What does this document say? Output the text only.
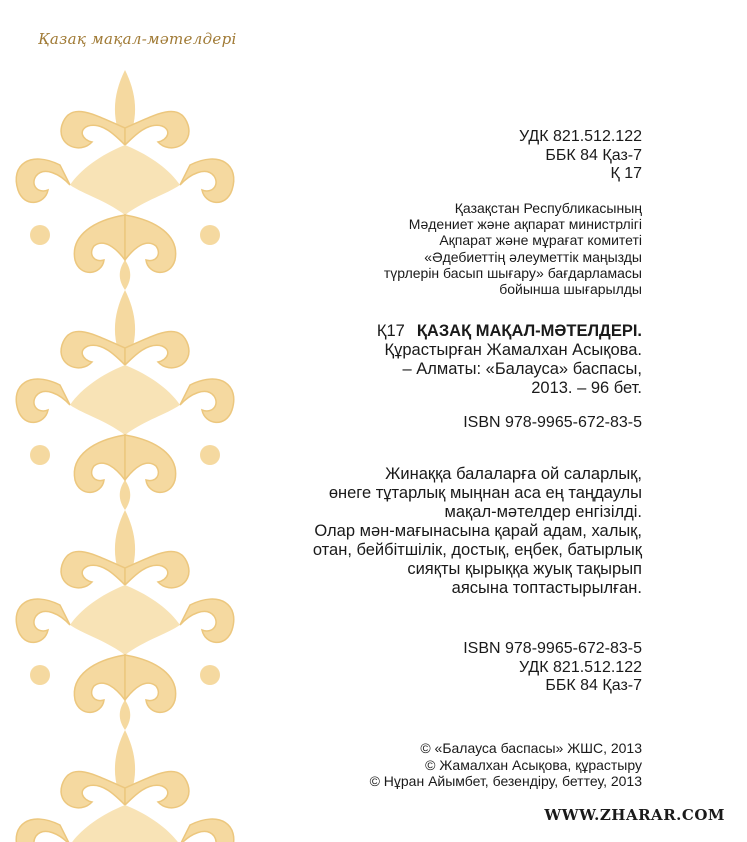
Қазақ мақал-мәтелдері
УДК 821.512.122
ББК 84 Қаз-7
Қ 17
Қазақстан Республикасының
Мәдениет және ақпарат министрлігі
Ақпарат және мұрағат комитеті
«Әдебиеттің әлеуметтік маңызды
түрлерін басып шығару» бағдарламасы
бойынша шығарылды
Қ17 ҚАЗАҚ МАҚАЛ-МӘТЕЛДЕРІ.
Құрастырған Жамалхан Асықова.
– Алматы: «Балауса» баспасы,
2013. – 96 бет.
ISBN 978-9965-672-83-5
Жинаққа балаларға ой саларлық,
өнеге тұтарлық мыңнан аса ең таңдаулы
мақал-мәтелдер енгізілді.
Олар мән-мағынасына қарай адам, халық,
отан, бейбітшілік, достық, еңбек, батырлық
сияқты қырыққа жуық тақырып
аясына топтастырылған.
ISBN 978-9965-672-83-5
УДК 821.512.122
ББК 84 Қаз-7
© «Балауса баспасы» ЖШС, 2013
© Жамалхан Асықова, құрастыру
© Нұран Айымбет, безендіру, беттеу, 2013
WWW.ZHARAR.COM
